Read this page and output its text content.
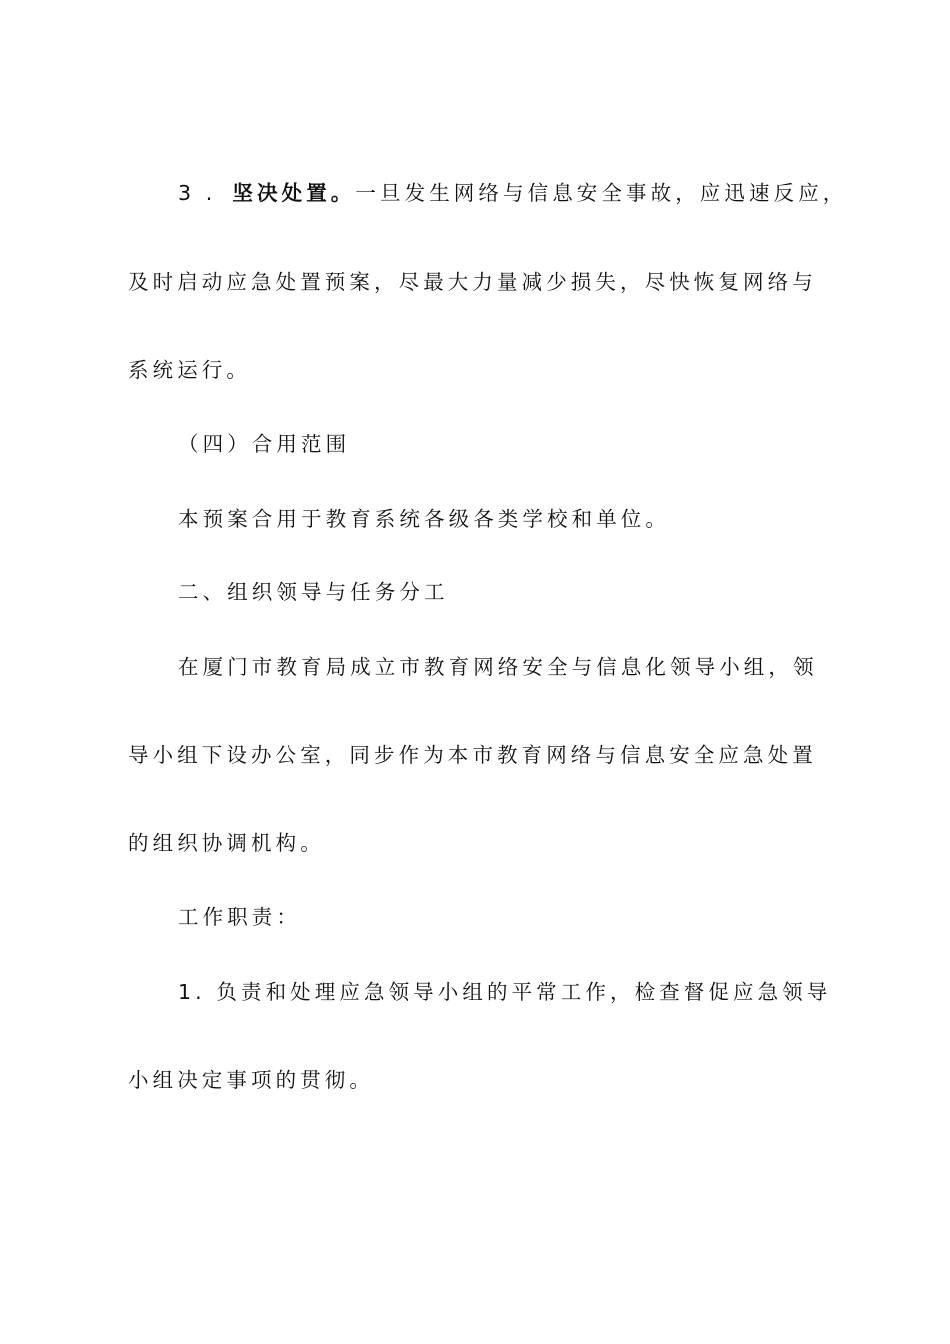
3 . 坚决处置。一旦发生网络与信息安全事故，应迅速反应，
及时启动应急处置预案，尽最大力量减少损失，尽快恢复网络与
系统运行。
（四）合用范围
本预案合用于教育系统各级各类学校和单位。
二、组织领导与任务分工
在厦门市教育局成立市教育网络安全与信息化领导小组，领
导小组下设办公室，同步作为本市教育网络与信息安全应急处置
的组织协调机构。
工作职责：
1. 负责和处理应急领导小组的平常工作，检查督促应急领导
小组决定事项的贯彻。
